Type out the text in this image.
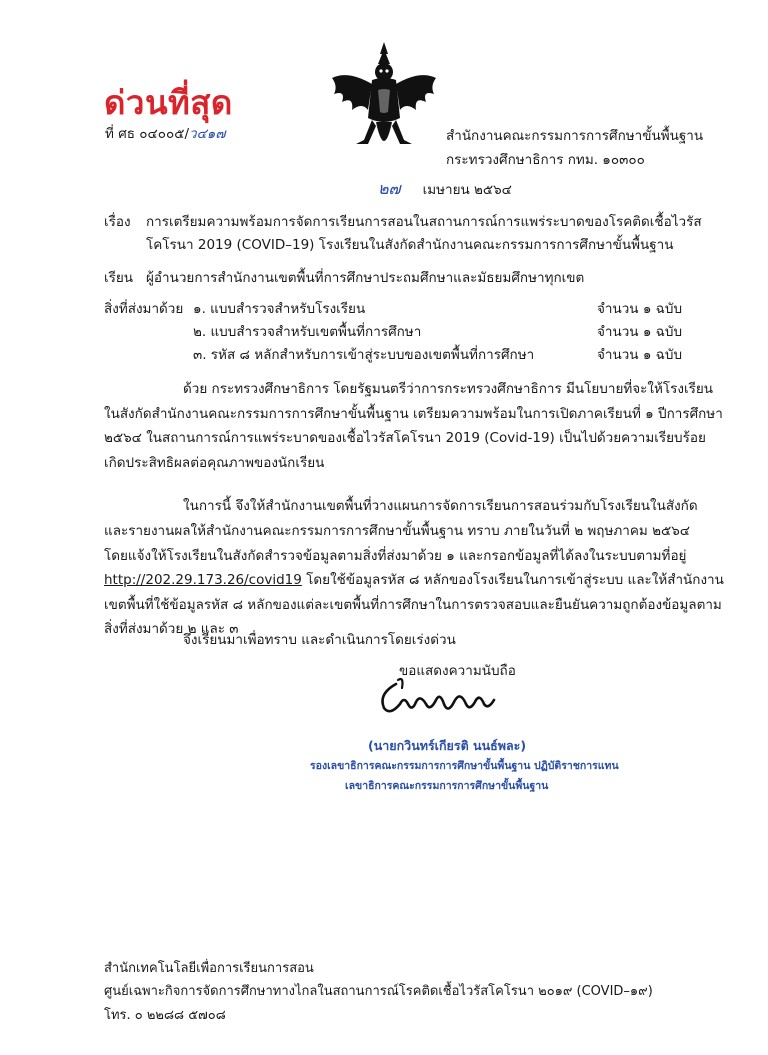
ด่วนที่สุด
ที่ ศธ ๐๔๐๐๕/ว๔๑๗	สำนักงานคณะกรรมการการศึกษาขั้นพื้นฐาน
กระทรวงศึกษาธิการ กทม. ๑๐๓๐๐
๒๗ เมษายน ๒๕๖๔
เรื่อง การเตรียมความพร้อมการจัดการเรียนการสอนในสถานการณ์การแพร่ระบาดของโรคติดเชื้อไวรัส
โคโรนา 2019 (COVID–19) โรงเรียนในสังกัดสำนักงานคณะกรรมการการศึกษาขั้นพื้นฐาน
เรียน ผู้อำนวยการสำนักงานเขตพื้นที่การศึกษาประถมศึกษาและมัธยมศึกษาทุกเขต
สิ่งที่ส่งมาด้วย ๑. แบบสำรวจสำหรับโรงเรียน	จำนวน ๑ ฉบับ
๒. แบบสำรวจสำหรับเขตพื้นที่การศึกษา	จำนวน ๑ ฉบับ
๓. รหัส ๘ หลักสำหรับการเข้าสู่ระบบของเขตพื้นที่การศึกษา	จำนวน ๑ ฉบับ
ด้วย กระทรวงศึกษาธิการ โดยรัฐมนตรีว่าการกระทรวงศึกษาธิการ มีนโยบายที่จะให้โรงเรียน
ในสังกัดสำนักงานคณะกรรมการการศึกษาขั้นพื้นฐาน เตรียมความพร้อมในการเปิดภาคเรียนที่ ๑ ปีการศึกษา
๒๕๖๔ ในสถานการณ์การแพร่ระบาดของเชื้อไวรัสโคโรนา 2019 (Covid-19) เป็นไปด้วยความเรียบร้อย
เกิดประสิทธิผลต่อคุณภาพของนักเรียน
ในการนี้ จึงให้สำนักงานเขตพื้นที่วางแผนการจัดการเรียนการสอนร่วมกับโรงเรียนในสังกัด
และรายงานผลให้สำนักงานคณะกรรมการการศึกษาขั้นพื้นฐาน ทราบ ภายในวันที่ ๒ พฤษภาคม ๒๕๖๔
โดยแจ้งให้โรงเรียนในสังกัดสำรวจข้อมูลตามสิ่งที่ส่งมาด้วย ๑ และกรอกข้อมูลที่ได้ลงในระบบตามที่อยู่
http://202.29.173.26/covid19 โดยใช้ข้อมูลรหัส ๘ หลักของโรงเรียนในการเข้าสู่ระบบ และให้สำนักงาน
เขตพื้นที่ใช้ข้อมูลรหัส ๘ หลักของแต่ละเขตพื้นที่การศึกษาในการตรวจสอบและยืนยันความถูกต้องข้อมูลตาม
สิ่งที่ส่งมาด้วย ๒ และ ๓
จึงเรียนมาเพื่อทราบ และดำเนินการโดยเร่งด่วน
ขอแสดงความนับถือ
(นายกวินทร์เกียรติ นนธ์พละ)
รองเลขาธิการคณะกรรมการการศึกษาขั้นพื้นฐาน ปฏิบัติราชการแทน
เลขาธิการคณะกรรมการการศึกษาขั้นพื้นฐาน
สำนักเทคโนโลยีเพื่อการเรียนการสอน
ศูนย์เฉพาะกิจการจัดการศึกษาทางไกลในสถานการณ์โรคติดเชื้อไวรัสโคโรนา ๒๐๑๙ (COVID–๑๙)
โทร. ๐ ๒๒๘๘ ๕๗๐๘
